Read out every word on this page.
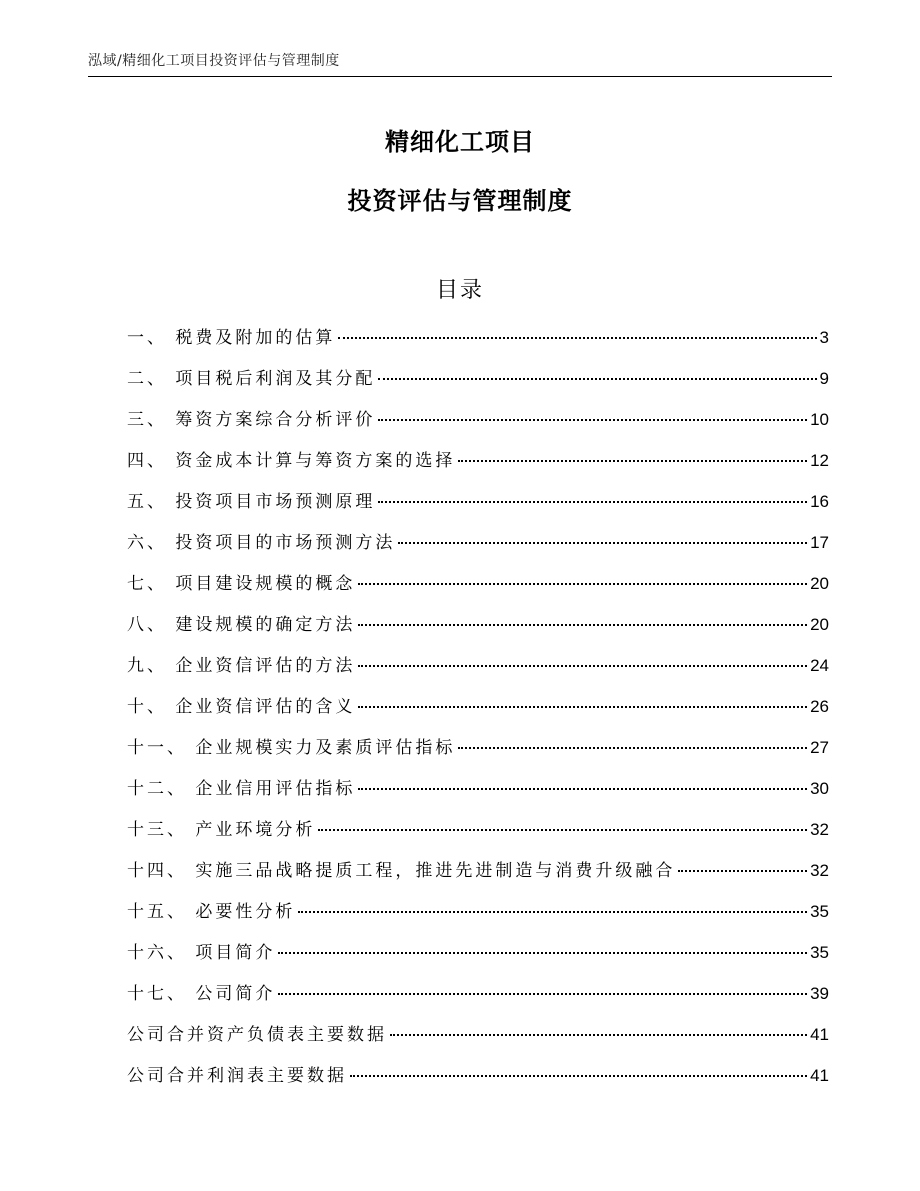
泓域/精细化工项目投资评估与管理制度
精细化工项目
投资评估与管理制度
目录
一、 税费及附加的估算	3
二、 项目税后利润及其分配	9
三、 筹资方案综合分析评价	10
四、 资金成本计算与筹资方案的选择	12
五、 投资项目市场预测原理	16
六、 投资项目的市场预测方法	17
七、 项目建设规模的概念	20
八、 建设规模的确定方法	20
九、 企业资信评估的方法	24
十、 企业资信评估的含义	26
十一、 企业规模实力及素质评估指标	27
十二、 企业信用评估指标	30
十三、 产业环境分析	32
十四、 实施三品战略提质工程，推进先进制造与消费升级融合	32
十五、 必要性分析	35
十六、 项目简介	35
十七、 公司简介	39
公司合并资产负债表主要数据	41
公司合并利润表主要数据	41
